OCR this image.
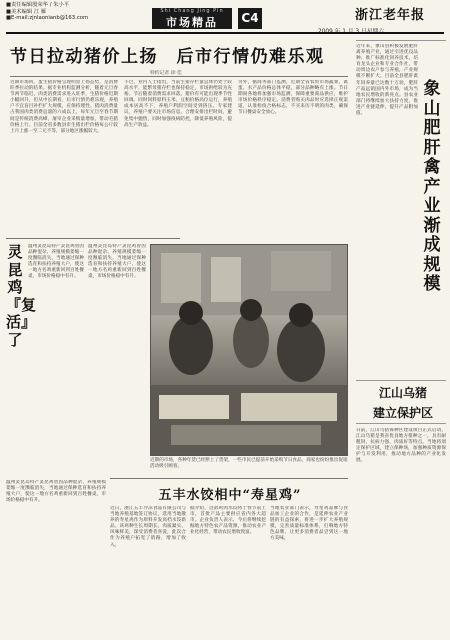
■责任编辑殷荣华 / 朱小平
■美术编辑 江 雁
■E-mail:zjnlaonianb@163.com
Shi Chang Jing Pin
市场精品	C4	浙江老年报
节日拉动猪价上扬　后市行情仍难乐观
特约记者 徐 佳
近期市场肉、蛋生猪价格呈现明显上扬态势，是消费旺季拉动的结果。据专业机构监测分析，随着元旦春节两节临近，肉类消费需求进入旺季，生猪价格近期小幅回升，但从中长期看，后市行情仍难乐观，养殖户不宜盲目补栏扩大规模，应保持理性。猪肉消费量占我国肉类消费总量的六成以上，每年元旦至春节期间是传统消费高峰，屠宰企业采购量增加，带动毛猪价格上行。目前全省多数县市生猪出栏价格每公斤较上月上涨一至二元不等，部分地区涨幅较大。
不过，业内人士指出，当前生猪存栏量总体仍处于较高水平，能繁母猪存栏也保持稳定，市场供给较为充裕。节后随着消费需求回落，猪价有可能出现季节性回调。同时饲料原料玉米、豆粕价格高位运行，养殖成本居高不下，养殖户利润空间受到挤压。专家建议，养殖户要关注市场信息，合理安排出栏时间，避免集中抛售，同时加强疫病防控，降低养殖风险，提高生产效益。
另外，据商务部门监测，近期全省农贸市场蔬菜、禽蛋、水产品价格总体平稳，部分品种略有上涨。节日期间各地将加强市场监测，保障重要商品供应，维护市场价格秩序稳定。消费者购买肉品时应选择正规渠道，认准检疫合格标志，不买来历不明的肉类，确保节日餐桌安全放心。
灵昆鸡『复活』了
温州灵昆岛特产灵昆鸡曾因品种混杂、养殖规模萎缩一度濒临消失，当地通过保种选育和扶持养殖大户，使这一地方名鸡重新回到百姓餐桌，市场价格稳中有升。
温州灵昆岛特产灵昆鸡曾因品种混杂、养殖规模萎缩一度濒临消失，当地通过保种选育和扶持养殖大户，使这一地方名鸡重新回到百姓餐桌，市场价格稳中有升。
近期的市场，各种年货已经摆上了货架，一些市民已提前开始采购节日食品，商家也纷纷推出促销活动吸引顾客。
五丰水饺相中“寿星鸡”
近日，浙江五丰冷冻食品有限公司与当地养殖基地签订协议，选用当地散养的寿星鸡作为原料开发高档水饺新品。该鸡种生长周期长、肉质紧实、风味鲜美，深受消费者喜爱，此次合作为养殖户拓宽了销路，增加了收入。
据介绍，这款鸡肉水饺将于春节前上市，首批产品主要供应省内各大超市。企业负责人表示，今后将继续挖掘地方特色农产品资源，推动农业产业化经营，带动农民增收致富。
当地农业部门表示，寿星鸡品牌与食品加工企业的合作，是延伸农业产业链的有益探索，将进一步扩大养殖规模，完善质量标准体系，打响地方特色品牌，让更多消费者品尝到这一地方美味。
温州灵昆岛特产灵昆鸡曾因品种混杂、养殖规模萎缩一度濒临消失，当地通过保种选育和扶持养殖大户，使这一地方名鸡重新回到百姓餐桌，市场价格稳中有升。
象山肥肝禽产业渐成规模
近年来，象山县积极发展肥肝禽养殖产业，通过引进优良品种、推广标准化饲养技术，培育龙头企业和专业合作社，带动周边农户参与养殖，产业规模不断扩大。目前全县肥肝禽年饲养量已达数十万羽，肥肝产品远销国内外市场，成为当地农民增收的新亮点。县农业部门将继续加大扶持力度，推进产业链延伸，提升产品附加值。
江山乌猪
建立保护区
日前，江山乌猪保种区建设项目正式启动。江山乌猪是我省优良地方猪种之一，具有耐粗饲、抗病力强、肉质好等特点。当地将划定保护区域，建立保种场，加强种质资源保护与开发利用，推动地方品种的产业化发展。
